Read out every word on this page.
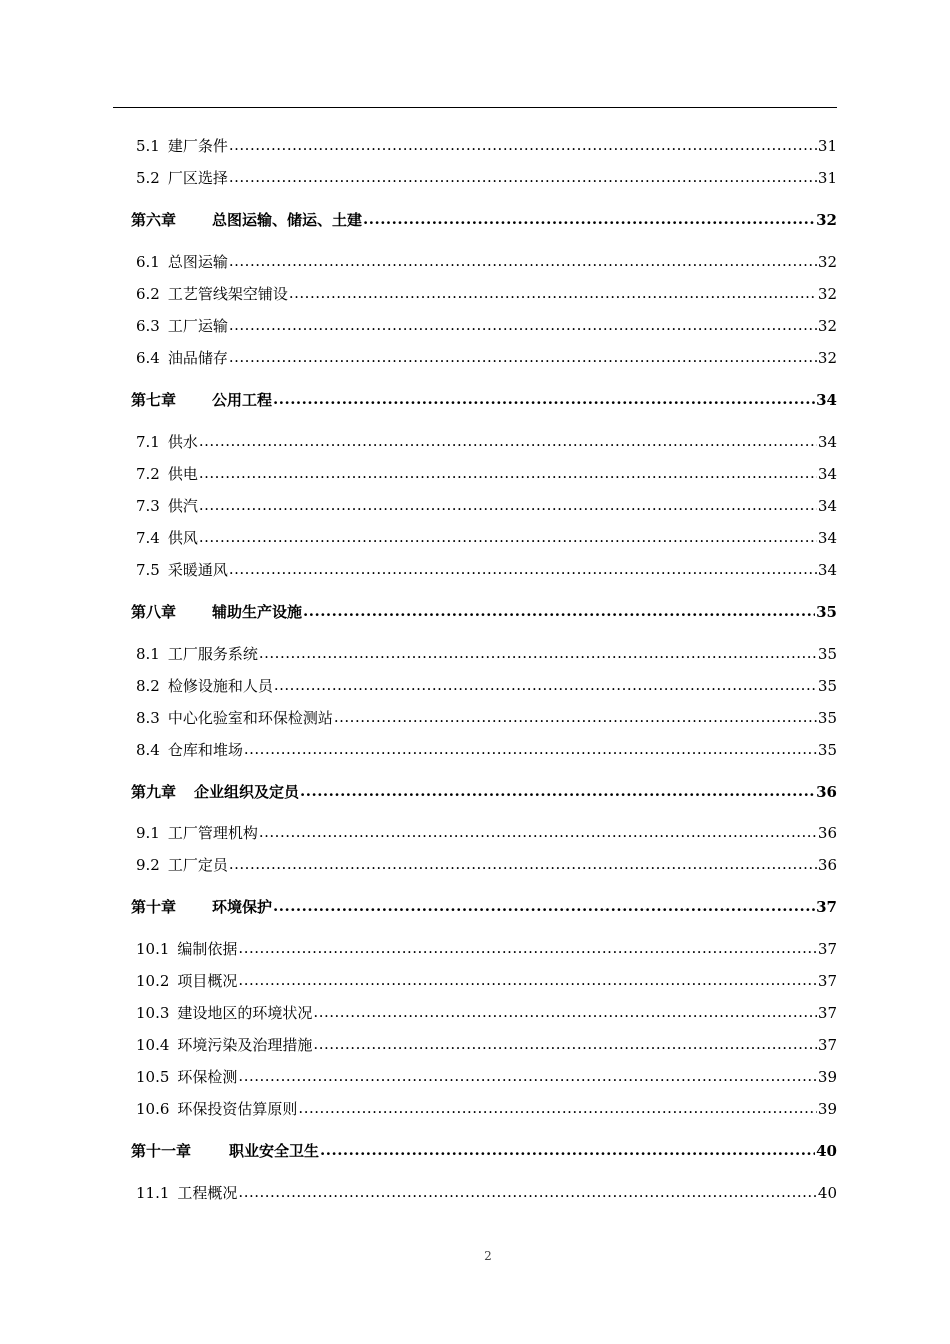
5.1 建厂条件 .....	31
5.2 厂区选择 .....	31
第六章 总图运输、储运、土建 .....	32
6.1 总图运输 .....	32
6.2 工艺管线架空铺设 .....	32
6.3 工厂运输 .....	32
6.4 油品储存 .....	32
第七章 公用工程 .....	34
7.1 供水 .....	34
7.2 供电 .....	34
7.3 供汽 .....	34
7.4 供风 .....	34
7.5 采暖通风 .....	34
第八章 辅助生产设施 .....	35
8.1 工厂服务系统 .....	35
8.2 检修设施和人员 .....	35
8.3 中心化验室和环保检测站 .....	35
8.4 仓库和堆场 .....	35
第九章 企业组织及定员 .....	36
9.1 工厂管理机构 .....	36
9.2 工厂定员 .....	36
第十章 环境保护 .....	37
10.1 编制依据 .....	37
10.2 项目概况 .....	37
10.3 建设地区的环境状况 .....	37
10.4 环境污染及治理措施 .....	37
10.5 环保检测 .....	39
10.6 环保投资估算原则 .....	39
第十一章	职业安全卫生 .....	40
11.1 工程概况 .....	40
2
